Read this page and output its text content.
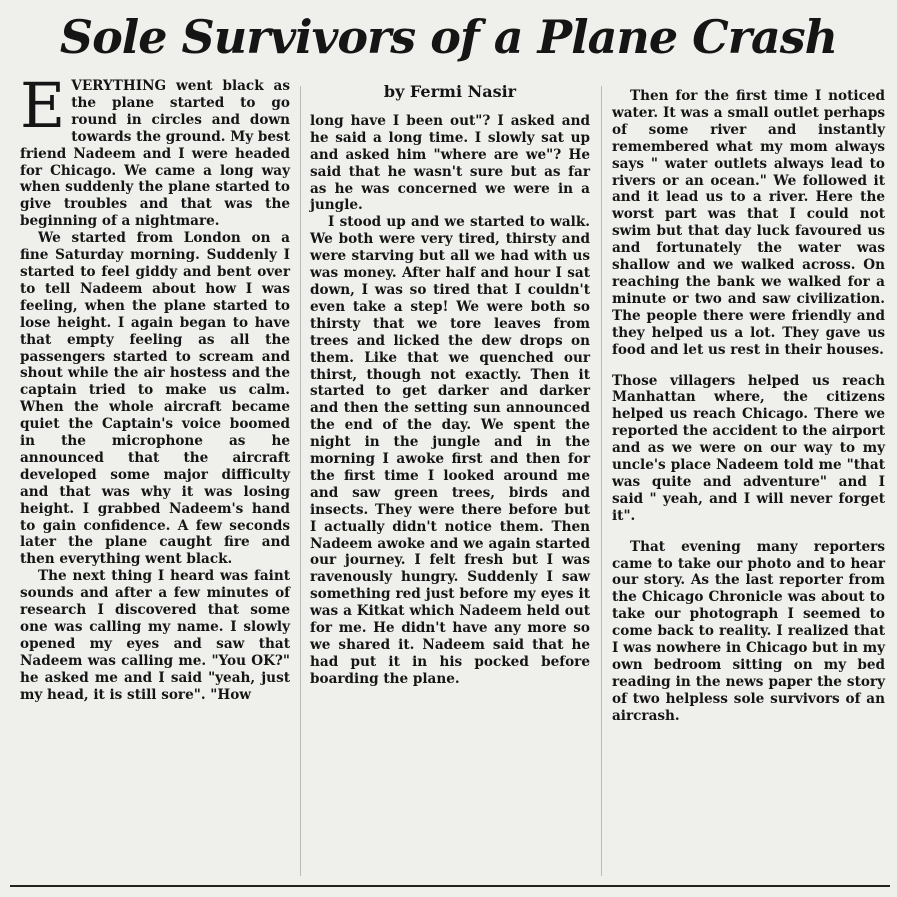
Sole Survivors of a Plane Crash

EVERYTHING went black as the plane started to go round in circles and down towards the ground. My best friend Nadeem and I were headed for Chicago. We came a long way when suddenly the plane started to give troubles and that was the beginning of a nightmare.

We started from London on a fine Saturday morning. Suddenly I started to feel giddy and bent over to tell Nadeem about how I was feeling, when the plane started to lose height. I again began to have that empty feeling as all the passengers started to scream and shout while the air hostess and the captain tried to make us calm. When the whole aircraft became quiet the Captain's voice boomed in the microphone as he announced that the aircraft developed some major difficulty and that was why it was losing height. I grabbed Nadeem's hand to gain confidence. A few seconds later the plane caught fire and then everything went black.

The next thing I heard was faint sounds and after a few minutes of research I discovered that some one was calling my name. I slowly opened my eyes and saw that Nadeem was calling me. "You OK?" he asked me and I said "yeah, just my head, it is still sore". "How

by Fermi Nasir

long have I been out"? I asked and he said a long time. I slowly sat up and asked him "where are we"? He said that he wasn't sure but as far as he was concerned we were in a jungle.

I stood up and we started to walk. We both were very tired, thirsty and were starving but all we had with us was money. After half and hour I sat down, I was so tired that I couldn't even take a step! We were both so thirsty that we tore leaves from trees and licked the dew drops on them. Like that we quenched our thirst, though not exactly. Then it started to get darker and darker and then the setting sun announced the end of the day. We spent the night in the jungle and in the morning I awoke first and then for the first time I looked around me and saw green trees, birds and insects. They were there before but I actually didn't notice them. Then Nadeem awoke and we again started our journey. I felt fresh but I was ravenously hungry. Suddenly I saw something red just before my eyes it was a Kitkat which Nadeem held out for me. He didn't have any more so we shared it. Nadeem said that he had put it in his pocked before boarding the plane.

Then for the first time I noticed water. It was a small outlet perhaps of some river and instantly remembered what my mom always says " water outlets always lead to rivers or an ocean." We followed it and it lead us to a river. Here the worst part was that I could not swim but that day luck favoured us and fortunately the water was shallow and we walked across. On reaching the bank we walked for a minute or two and saw civilization. The people there were friendly and they helped us a lot. They gave us food and let us rest in their houses.

Those villagers helped us reach Manhattan where, the citizens helped us reach Chicago. There we reported the accident to the airport and as we were on our way to my uncle's place Nadeem told me "that was quite and adventure" and I said " yeah, and I will never forget it".

That evening many reporters came to take our photo and to hear our story. As the last reporter from the Chicago Chronicle was about to take our photograph I seemed to come back to reality. I realized that I was nowhere in Chicago but in my own bedroom sitting on my bed reading in the news paper the story of two helpless sole survivors of an aircrash.
